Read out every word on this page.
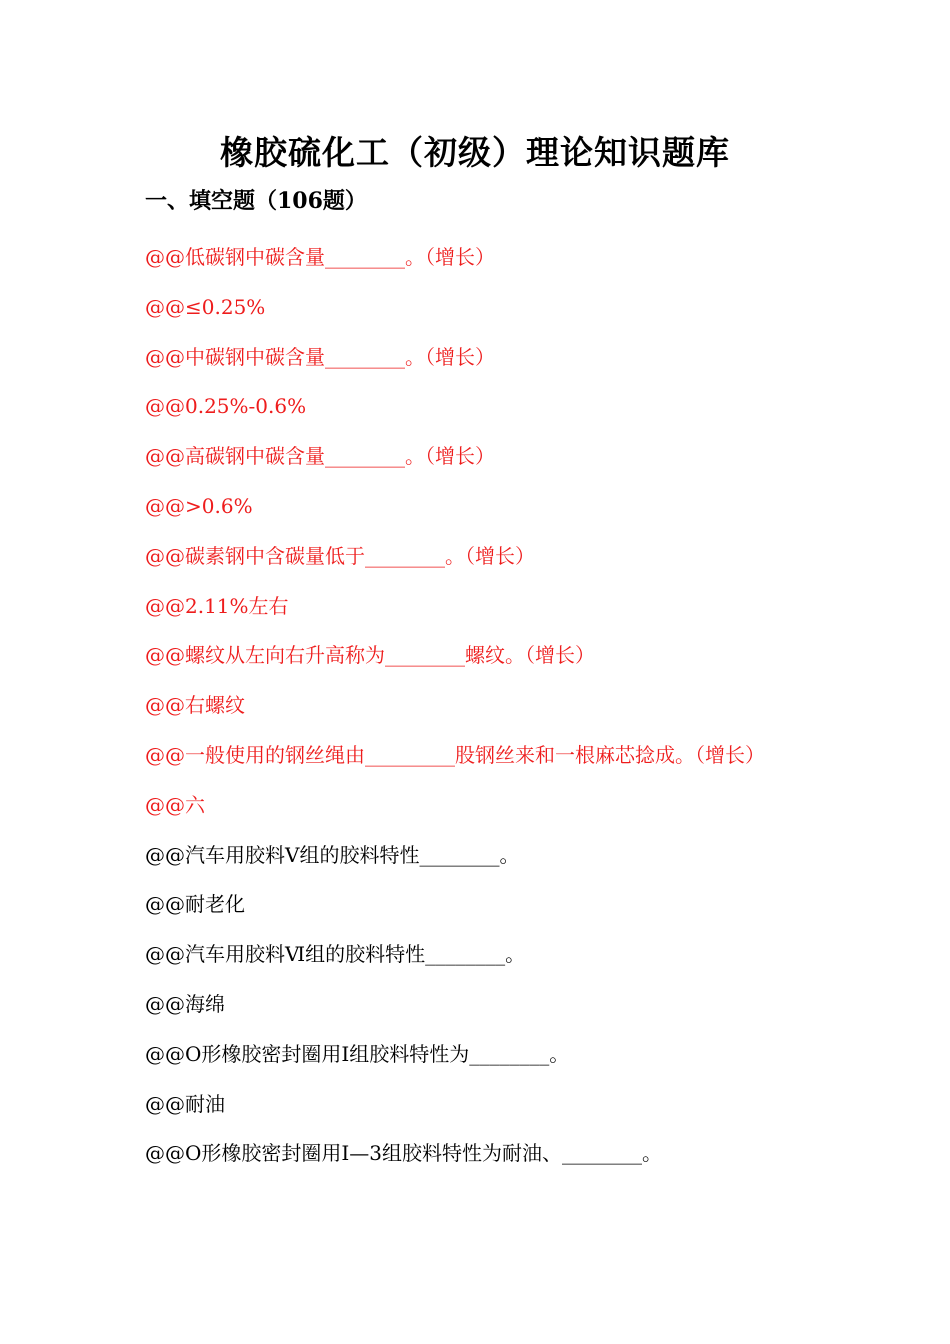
橡胶硫化工（初级）理论知识题库
一、填空题（106题）
@@低碳钢中碳含量________。（增长）
@@≤0.25%
@@中碳钢中碳含量________。（增长）
@@0.25%-0.6%
@@高碳钢中碳含量________。（增长）
@@>0.6%
@@碳素钢中含碳量低于________。（增长）
@@2.11%左右
@@螺纹从左向右升高称为________螺纹。（增长）
@@右螺纹
@@一般使用的钢丝绳由_________股钢丝来和一根麻芯捻成。（增长）
@@六
@@汽车用胶料Ⅴ组的胶料特性________。
@@耐老化
@@汽车用胶料Ⅵ组的胶料特性________。
@@海绵
@@O形橡胶密封圈用Ⅰ组胶料特性为________。
@@耐油
@@O形橡胶密封圈用Ⅰ—3组胶料特性为耐油、________。
